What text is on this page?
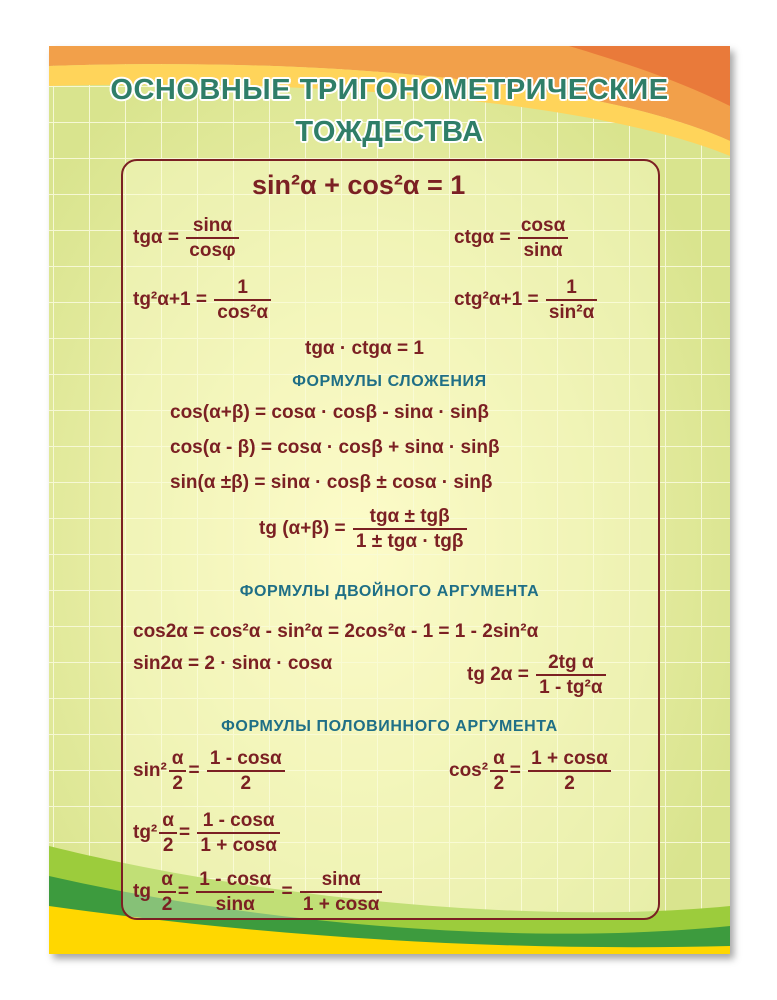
ОСНОВНЫЕ ТРИГОНОМЕТРИЧЕСКИЕ
ТОЖДЕСТВА
sin²α + cos²α = 1
$tg\alpha = \frac{\sin\alpha}{\cos\varphi}$	$ctg\alpha = \frac{\cos\alpha}{\sin\alpha}$
$tg^2\alpha+1 = \frac{1}{\text{cos²α}}$	$ctg^2\alpha+1 = \frac{1}{\text{sin²α}}$
tgα · ctgα = 1
ФОРМУЛЫ СЛОЖЕНИЯ
cos(α+β) = cosα · cosβ - sinα · sinβ
cos(α - β) = cosα · cosβ + sinα · sinβ
sin(α ±β) = sinα · cosβ ± cosα · sinβ
tg $(\alpha+\beta) = \frac{\text{tgα ± tgβ}}{\text{1 ± tgα · tgβ}}$
ФОРМУЛЫ ДВОЙНОГО АРГУМЕНТА
cos2α = cos²α - sin²α = 2cos²α - 1 = 1 - 2sin²α
sin2α = 2 · sinα · cosα
tg $2\alpha = \frac{\text{2tg α}}{\text{1 - tg²α}}$
ФОРМУЛЫ ПОЛОВИННОГО АРГУМЕНТА
$\sin^2 \frac{\alpha}{2} = \frac{1 - \cos\alpha}{2}$	$\cos^2 \frac{\alpha}{2} = \frac{1 + \cos\alpha}{2}$
$tg^2 \frac{\alpha}{2} = \frac{1 - \cos\alpha}{1 + \cos\alpha}$
tg $\frac{\alpha}{2} = \frac{1 - \cos\alpha}{\sin\alpha} = \frac{\sin\alpha}{1 + \cos\alpha}$
